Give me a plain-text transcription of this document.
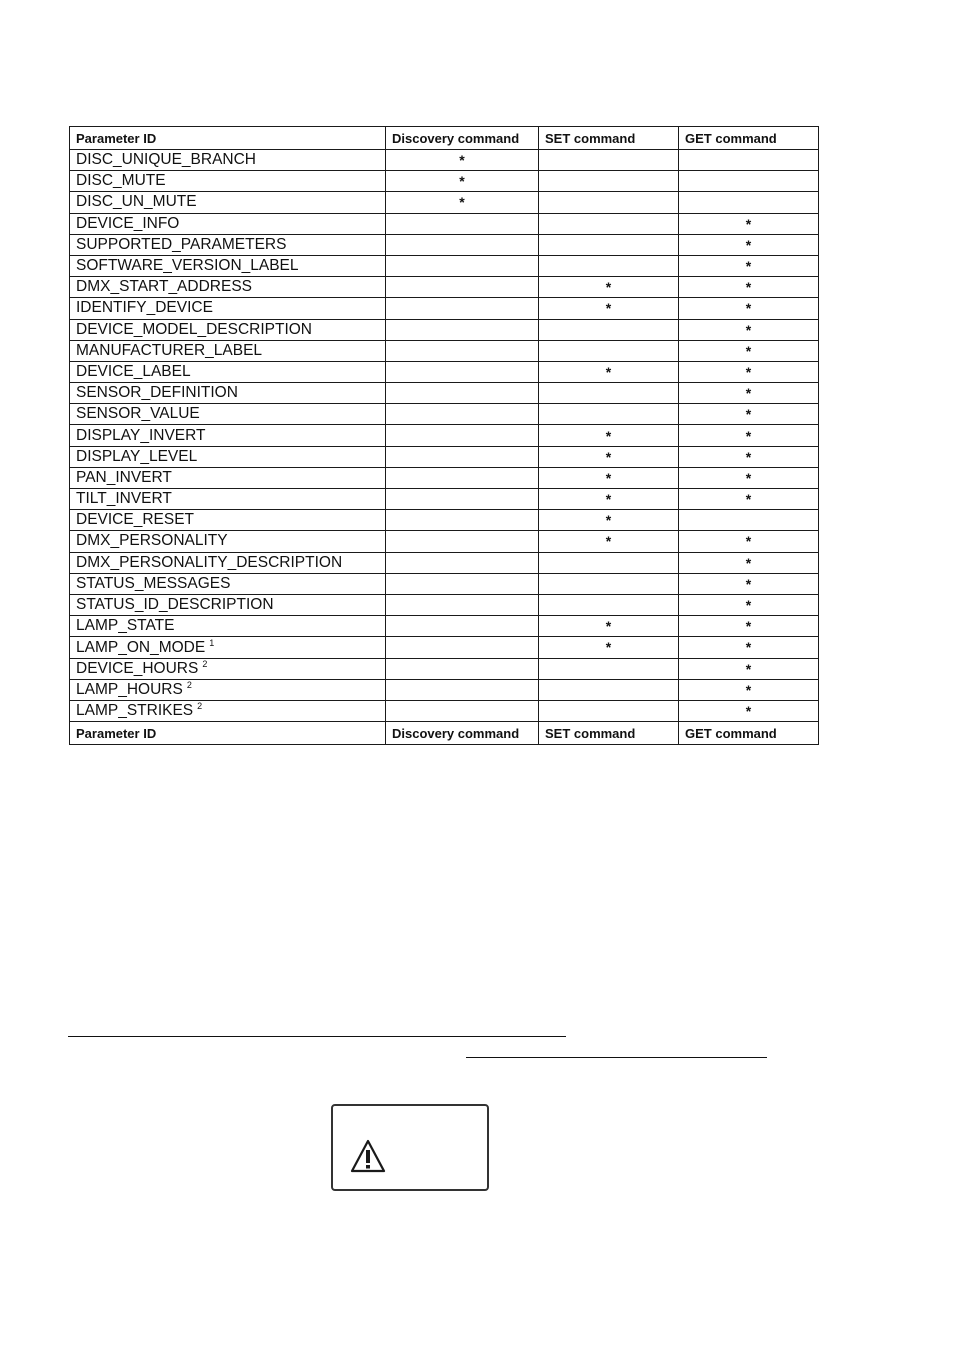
Parameter ID	Discovery command	SET command	GET command
DISC_UNIQUE_BRANCH	*		
DISC_MUTE	*		
DISC_UN_MUTE	*		
DEVICE_INFO			*
SUPPORTED_PARAMETERS			*
SOFTWARE_VERSION_LABEL			*
DMX_START_ADDRESS		*	*
IDENTIFY_DEVICE		*	*
DEVICE_MODEL_DESCRIPTION			*
MANUFACTURER_LABEL			*
DEVICE_LABEL		*	*
SENSOR_DEFINITION			*
SENSOR_VALUE			*
DISPLAY_INVERT		*	*
DISPLAY_LEVEL		*	*
PAN_INVERT		*	*
TILT_INVERT		*	*
DEVICE_RESET		*	
DMX_PERSONALITY		*	*
DMX_PERSONALITY_DESCRIPTION			*
STATUS_MESSAGES			*
STATUS_ID_DESCRIPTION			*
LAMP_STATE		*	*
LAMP_ON_MODE $^1$		*	*
DEVICE_HOURS $^2$			*
LAMP_HOURS $^2$			*
LAMP_STRIKES $^2$			*
Parameter ID	Discovery command	SET command	GET command
